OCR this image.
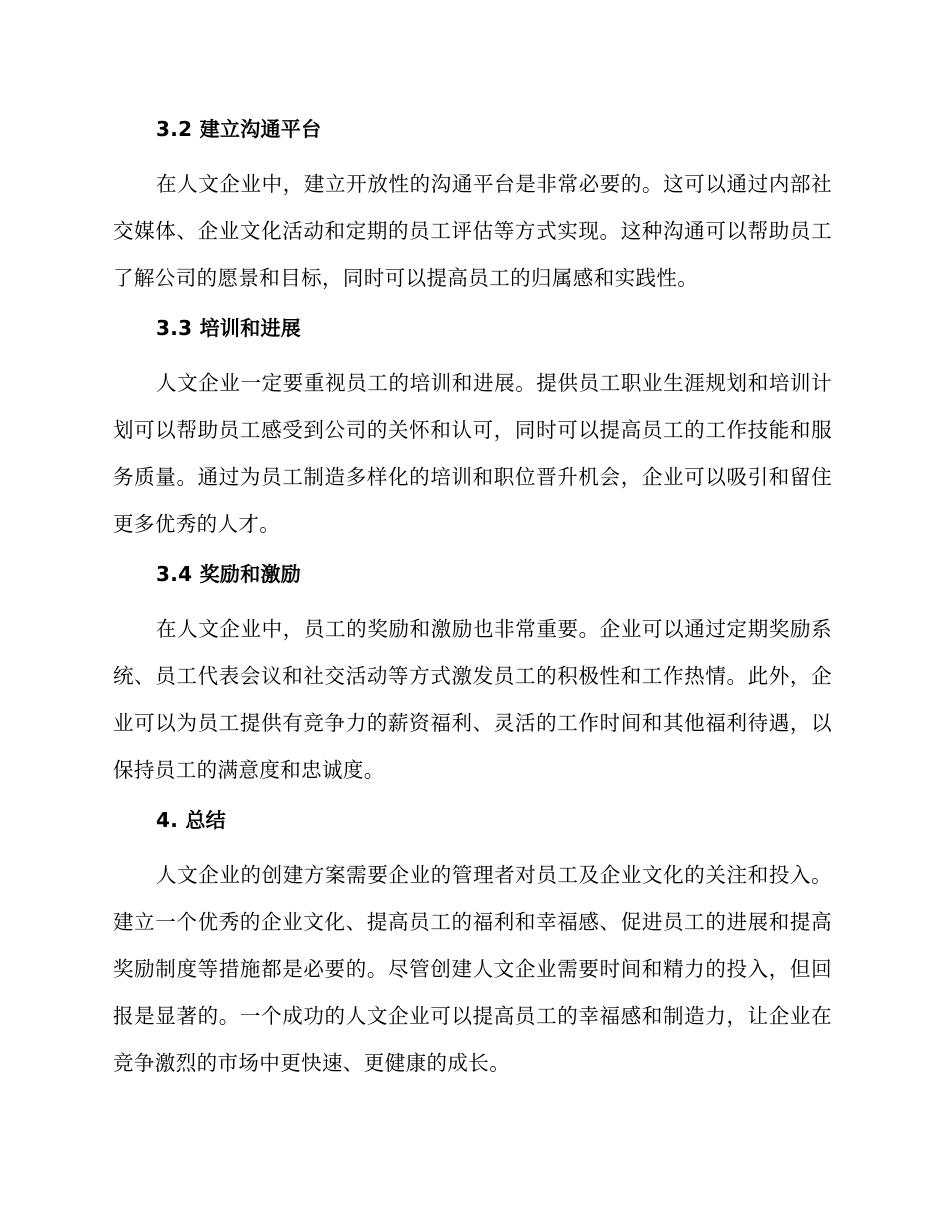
3.2 建立沟通平台

在人文企业中，建立开放性的沟通平台是非常必要的。这可以通过内部社交媒体、企业文化活动和定期的员工评估等方式实现。这种沟通可以帮助员工了解公司的愿景和目标，同时可以提高员工的归属感和实践性。

3.3 培训和进展

人文企业一定要重视员工的培训和进展。提供员工职业生涯规划和培训计划可以帮助员工感受到公司的关怀和认可，同时可以提高员工的工作技能和服务质量。通过为员工制造多样化的培训和职位晋升机会，企业可以吸引和留住更多优秀的人才。

3.4 奖励和激励

在人文企业中，员工的奖励和激励也非常重要。企业可以通过定期奖励系统、员工代表会议和社交活动等方式激发员工的积极性和工作热情。此外，企业可以为员工提供有竞争力的薪资福利、灵活的工作时间和其他福利待遇，以保持员工的满意度和忠诚度。

4. 总结

人文企业的创建方案需要企业的管理者对员工及企业文化的关注和投入。建立一个优秀的企业文化、提高员工的福利和幸福感、促进员工的进展和提高奖励制度等措施都是必要的。尽管创建人文企业需要时间和精力的投入，但回报是显著的。一个成功的人文企业可以提高员工的幸福感和制造力，让企业在竞争激烈的市场中更快速、更健康的成长。
